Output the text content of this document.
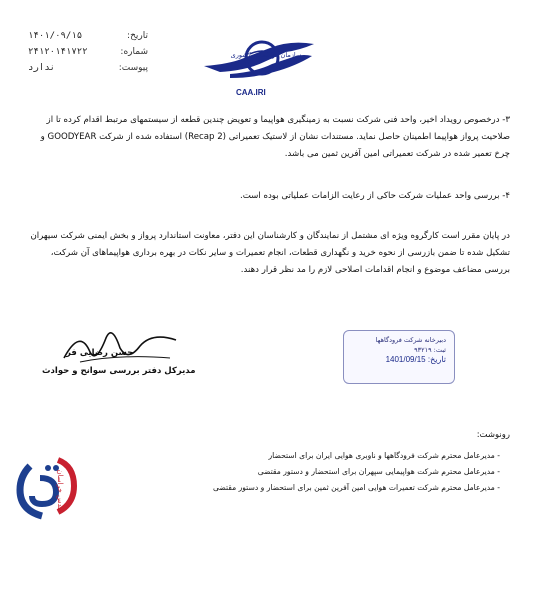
تاریخ:
۱۴۰۱/۰۹/۱۵
شماره:
۲۴۱۲۰۱۴۱۷۲۲
پیوست:
ندارد
سازمان هواپیمایی کشوری
CAA.IRI
۳- درخصوص رویداد اخیر، واحد فنی شرکت نسبت به زمینگیری هواپیما و تعویض چندین قطعه از سیستمهای مرتبط اقدام کرده تا از صلاحیت پرواز هواپیما اطمینان حاصل نماید. مستندات نشان از لاستیک تعمیراتی (Recap 2) استفاده شده از شرکت GOODYEAR و چرخ تعمیر شده در شرکت تعمیراتی امین آفرین ثمین می باشد.
۴- بررسی واحد عملیات شرکت حاکی از رعایت الزامات عملیاتی بوده است.
در پایان مقرر است کارگروه ویژه ای مشتمل از نمایندگان و کارشناسان این دفتر، معاونت استاندارد پرواز و بخش ایمنی شرکت سیهران تشکیل شده تا ضمن بازرسی از نحوه خرید و نگهداری قطعات، انجام تعمیرات و سایر نکات در بهره برداری هواپیماهای آن شرکت، بررسی مضاعف موضوع و انجام اقدامات اصلاحی لازم را مد نظر قرار دهند.
حسن رضایی فر
مدیرکل دفتر بررسی سوانح و حوادث
دبیرخانه شرکت فرودگاهها
ثبت: ۹۳۲۱۹
تاریخ: 1401/09/15
رونوشت:
- مدیرعامل محترم شرکت فرودگاهها و ناوبری هوایی ایران برای استحضار
- مدیرعامل محترم شرکت هواپیمایی سپهران برای استحضار و دستور مقتضی
- مدیرعامل محترم شرکت تعمیرات هوایی امین آفرین ثمین برای استحضار و دستور مقتضی
قدس خراسان
